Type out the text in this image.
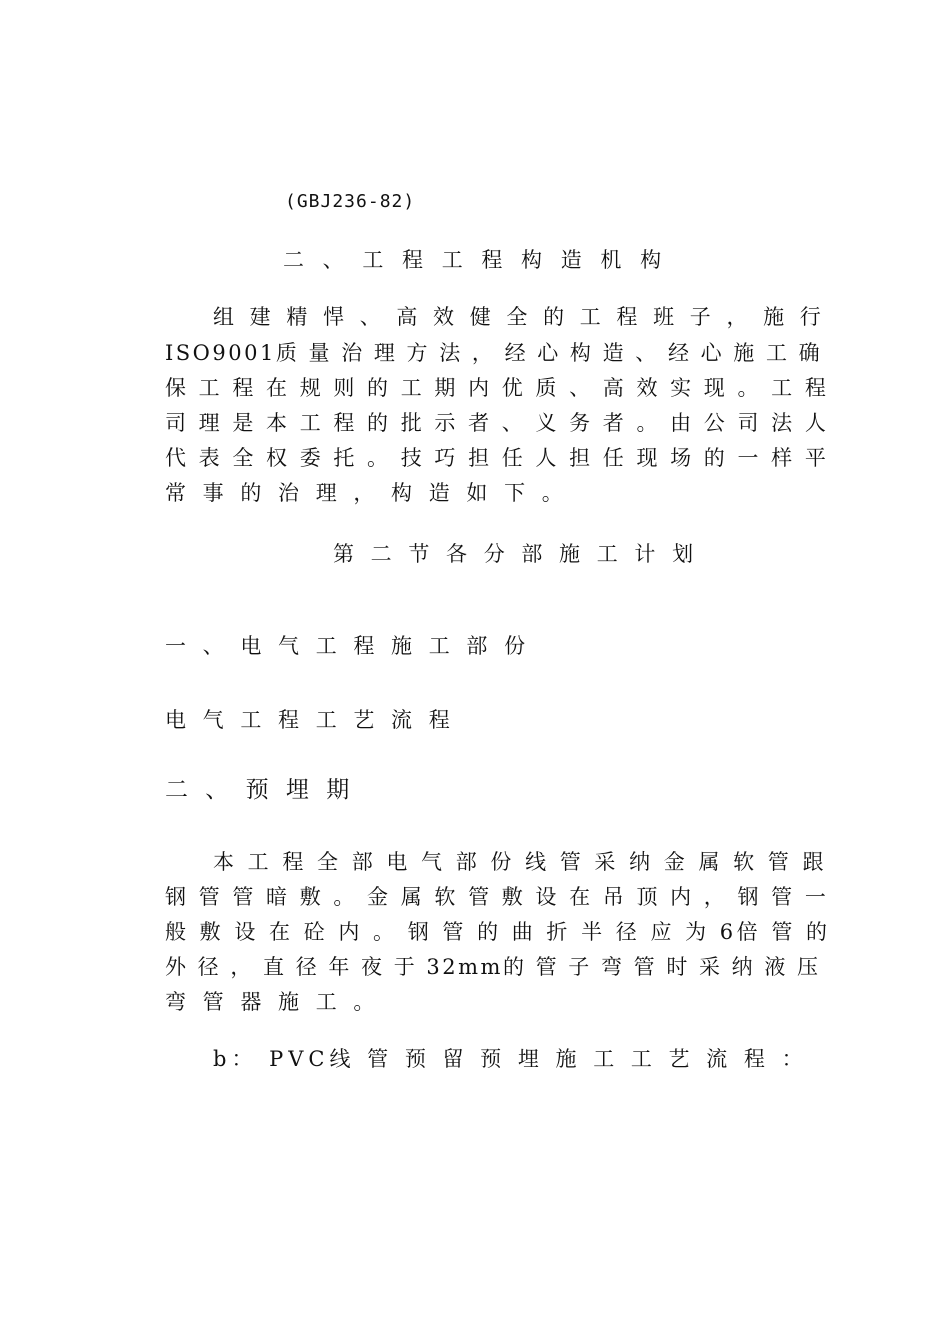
(GBJ236-82)
二 、 工 程 工 程 构 造 机 构
组 建 精 悍 、 高 效 健 全 的 工 程 班 子 ， 施 行
ISO9001质 量 治 理 方 法 ， 经 心 构 造 、 经 心 施 工 确
保 工 程 在 规 则 的 工 期 内 优 质 、 高 效 实 现 。 工 程
司 理 是 本 工 程 的 批 示 者 、 义 务 者 。 由 公 司 法 人
代 表 全 权 委 托 。 技 巧 担 任 人 担 任 现 场 的 一 样 平
常 事 的 治 理 ， 构 造 如 下 。
第 二 节 各 分 部 施 工 计 划
一 、 电 气 工 程 施 工 部 份
电 气 工 程 工 艺 流 程
二 、 预 埋 期
本 工 程 全 部 电 气 部 份 线 管 采 纳 金 属 软 管 跟
钢 管 管 暗 敷 。 金 属 软 管 敷 设 在 吊 顶 内 ， 钢 管 一
般 敷 设 在 砼 内 。 钢 管 的 曲 折 半 径 应 为 6倍 管 的
外 径 ， 直 径 年 夜 于 32mm的 管 子 弯 管 时 采 纳 液 压
弯 管 器 施 工 。
b： PVC线 管 预 留 预 埋 施 工 工 艺 流 程 ：
